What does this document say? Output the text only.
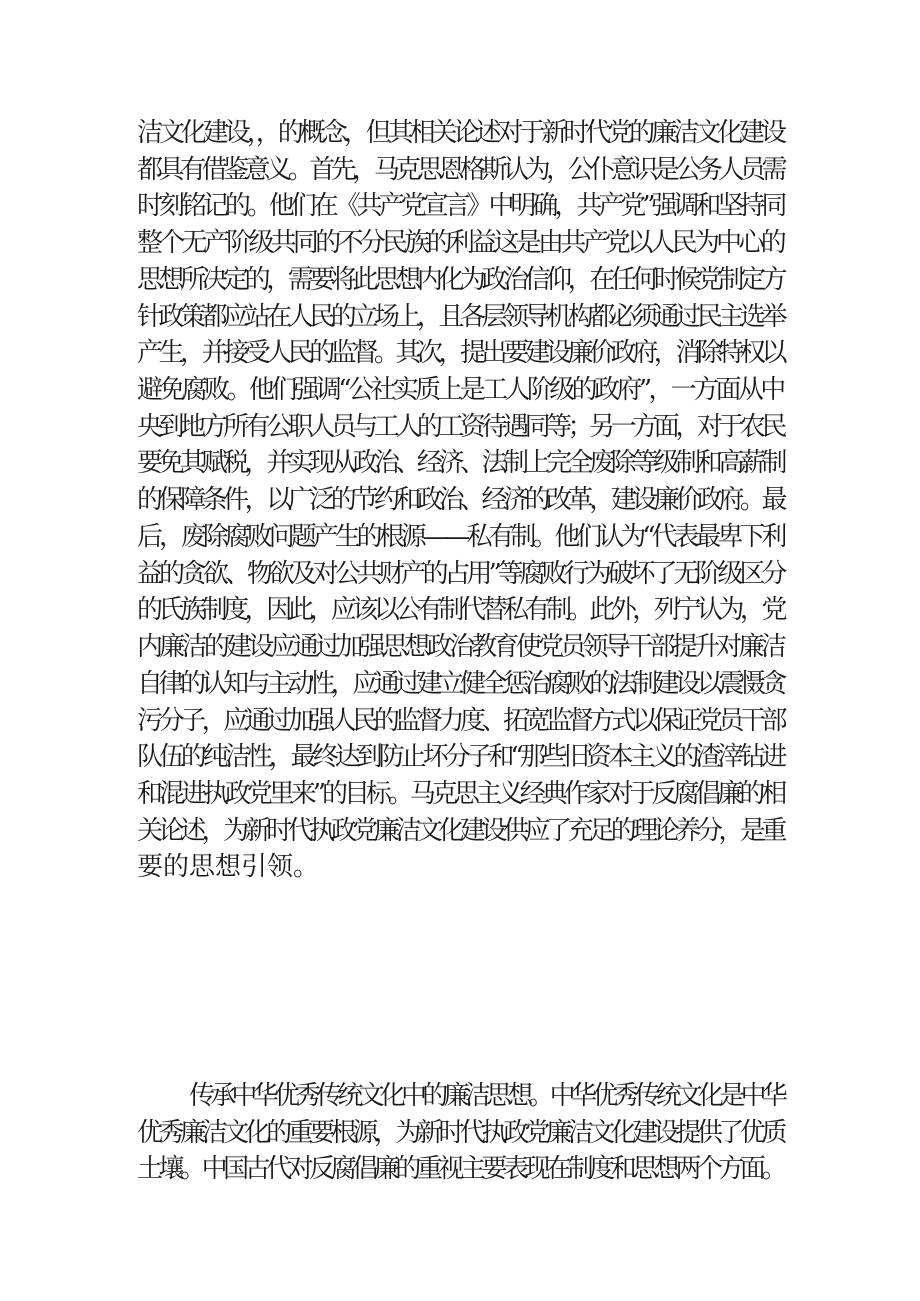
洁文化建设，，的概念，但其相关论述对于新时代党的廉洁文化建设
都具有借鉴意义。首先，马克思恩格斯认为，公仆意识是公务人员需
时刻铭记的。他们在《共产党宣言》中明确，共产党”强调和坚持同
整个无产阶级共同的不分民族的利益这是由共产党以人民为中心的
思想所决定的，需要将此思想内化为政治信仰，在任何时候党制定方
针政策都应站在人民的立场上，且各层领导机构都必须通过民主选举
产生，并接受人民的监督。其次，提出要建设廉价政府，消除特权以
避免腐败。他们强调“公社实质上是工人阶级的政府”，一方面从中
央到地方所有公职人员与工人的工资待遇同等；另一方面，对于农民
要免其赋税，并实现从政治、经济、法制上完全废除等级制和高薪制
的保障条件，以广泛的节约和政治、经济的改革，建设廉价政府。最
后，废除腐败问题产生的根源——私有制。他们认为“代表最卑下利
益的贪欲、物欲及对公共财产的占用”等腐败行为破坏了无阶级区分
的氏族制度，因此，应该以公有制代替私有制。此外，列宁认为，党
内廉洁的建设应通过加强思想政治教育使党员领导干部提升对廉洁
自律的认知与主动性，应通过建立健全惩治腐败的法制建设以震慑贪
污分子，应通过加强人民的监督力度、拓宽监督方式以保证党员干部
队伍的纯洁性，最终达到防止坏分子和“那些旧资本主义的渣滓钻进
和混进执政党里来”的目标。马克思主义经典作家对于反腐倡廉的相
关论述，为新时代执政党廉洁文化建设供应了充足的理论养分，是重
要的思想引领。
传承中华优秀传统文化中的廉洁思想。中华优秀传统文化是中华
优秀廉洁文化的重要根源，为新时代执政党廉洁文化建设提供了优质
土壤。中国古代对反腐倡廉的重视主要表现在制度和思想两个方面。
